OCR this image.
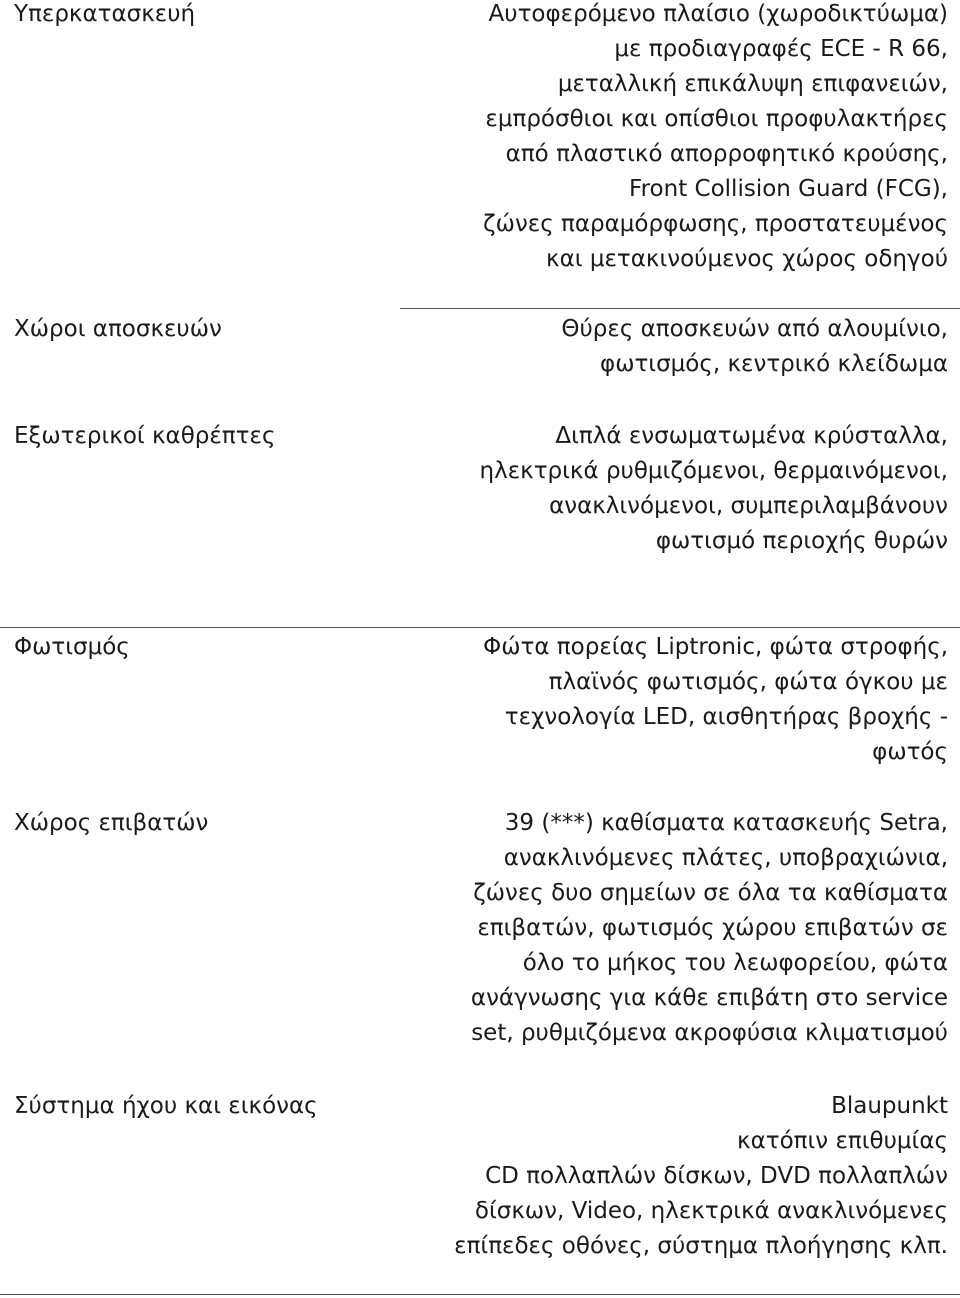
Υπερκατασκευή	Αυτοφερόμενο πλαίσιο (χωροδικτύωμα)
με προδιαγραφές ECE - R 66,
μεταλλική επικάλυψη επιφανειών,
εμπρόσθιοι και οπίσθιοι προφυλακτήρες
από πλαστικό απορροφητικό κρούσης,
Front Collision Guard (FCG),
ζώνες παραμόρφωσης, προστατευμένος
και μετακινούμενος χώρος οδηγού
Χώροι αποσκευών	Θύρες αποσκευών από αλουμίνιο,
φωτισμός, κεντρικό κλείδωμα
Εξωτερικοί καθρέπτες	Διπλά ενσωματωμένα κρύσταλλα,
ηλεκτρικά ρυθμιζόμενοι, θερμαινόμενοι,
ανακλινόμενοι, συμπεριλαμβάνουν
φωτισμό περιοχής θυρών
Φωτισμός	Φώτα πορείας Liptronic, φώτα στροφής,
πλαϊνός φωτισμός, φώτα όγκου με
τεχνολογία LED, αισθητήρας βροχής -
φωτός
Χώρος επιβατών	39 (***) καθίσματα κατασκευής Setra,
ανακλινόμενες πλάτες, υποβραχιώνια,
ζώνες δυο σημείων σε όλα τα καθίσματα
επιβατών, φωτισμός χώρου επιβατών σε
όλο το μήκος του λεωφορείου, φώτα
ανάγνωσης για κάθε επιβάτη στο service
set, ρυθμιζόμενα ακροφύσια κλιματισμού
Σύστημα ήχου και εικόνας	Blaupunkt
κατόπιν επιθυμίας
CD πολλαπλών δίσκων, DVD πολλαπλών
δίσκων, Video, ηλεκτρικά ανακλινόμενες
επίπεδες οθόνες, σύστημα πλοήγησης κλπ.
